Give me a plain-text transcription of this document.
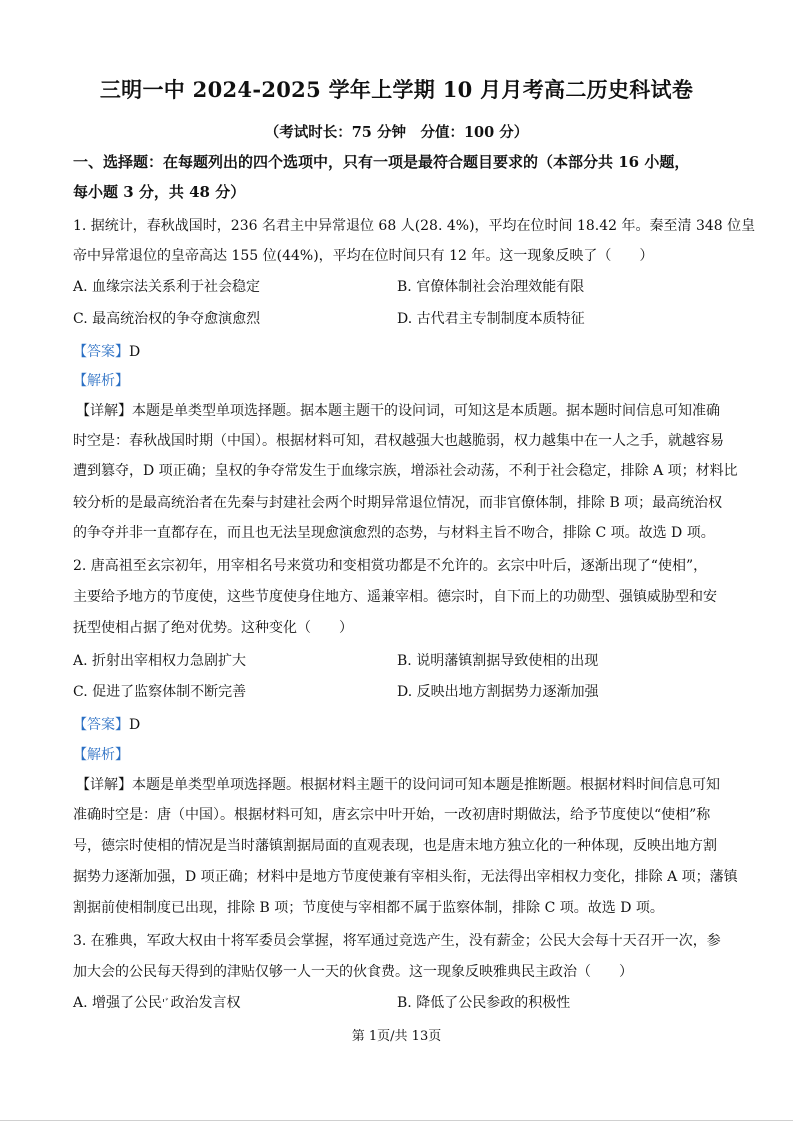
三明一中 2024-2025 学年上学期 10 月月考高二历史科试卷
（考试时长：75 分钟　分值：100 分）
一、选择题：在每题列出的四个选项中，只有一项是最符合题目要求的（本部分共 16 小题，
每小题 3 分，共 48 分）
1. 据统计，春秋战国时，236 名君主中异常退位 68 人(28. 4%)，平均在位时间 18.42 年。秦至清 348 位皇
帝中异常退位的皇帝高达 155 位(44%)，平均在位时间只有 12 年。这一现象反映了（　　）
A. 血缘宗法关系利于社会稳定	B. 官僚体制社会治理效能有限
C. 最高统治权的争夺愈演愈烈	D. 古代君主专制制度本质特征
【答案】D
【解析】
【详解】本题是单类型单项选择题。据本题主题干的设问词，可知这是本质题。据本题时间信息可知准确
时空是：春秋战国时期（中国）。根据材料可知，君权越强大也越脆弱，权力越集中在一人之手，就越容易
遭到篡夺，D 项正确；皇权的争夺常发生于血缘宗族，增添社会动荡，不利于社会稳定，排除 A 项；材料比
较分析的是最高统治者在先秦与封建社会两个时期异常退位情况，而非官僚体制，排除 B 项；最高统治权
的争夺并非一直都存在，而且也无法呈现愈演愈烈的态势，与材料主旨不吻合，排除 C 项。故选 D 项。
2. 唐高祖至玄宗初年，用宰相名号来赏功和变相赏功都是不允许的。玄宗中叶后，逐渐出现了“使相”，
主要给予地方的节度使，这些节度使身住地方、遥兼宰相。德宗时，自下而上的功勋型、强镇威胁型和安
抚型使相占据了绝对优势。这种变化（　　）
A. 折射出宰相权力急剧扩大	B. 说明藩镇割据导致使相的出现
C. 促进了监察体制不断完善	D. 反映出地方割据势力逐渐加强
【答案】D
【解析】
【详解】本题是单类型单项选择题。根据材料主题干的设问词可知本题是推断题。根据材料时间信息可知
准确时空是：唐（中国）。根据材料可知，唐玄宗中叶开始，一改初唐时期做法，给予节度使以“使相”称
号，德宗时使相的情况是当时藩镇割据局面的直观表现，也是唐末地方独立化的一种体现，反映出地方割
据势力逐渐加强，D 项正确；材料中是地方节度使兼有宰相头衔，无法得出宰相权力变化，排除 A 项；藩镇
割据前使相制度已出现，排除 B 项；节度使与宰相都不属于监察体制，排除 C 项。故选 D 项。
3. 在雅典，军政大权由十将军委员会掌握，将军通过竞选产生，没有薪金；公民大会每十天召开一次，参
加大会的公民每天得到的津贴仅够一人一天的伙食费。这一现象反映雅典民主政治（　　）
A. 增强了公民'ﾞ政治发言权	B. 降低了公民参政的积极性
第 1页/共 13页
